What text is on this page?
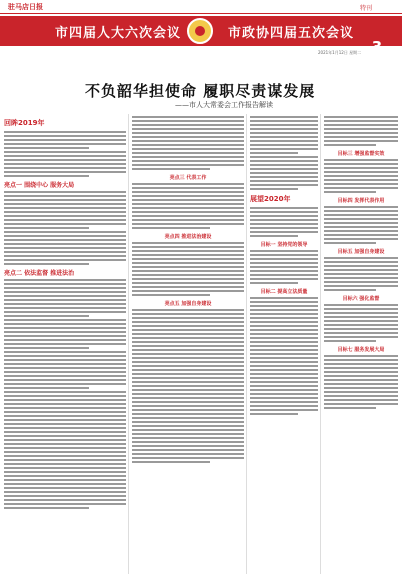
驻马店日报	特刊
市四届人大六次会议	市政协四届五次会议
3
2021年1月12日 星期二
不负韶华担使命 履职尽责谋发展
——市人大常委会工作报告解读
回眸2019年
亮点一 围绕中心 服务大局
亮点二 依法监督 推进法治
亮点三 代表工作
亮点四 推进法治建设
亮点五 加强自身建设
展望2020年
目标一 坚持党的领导
目标二 提高立法质量
目标三 增强监督实效
目标四 发挥代表作用
目标五 加强自身建设
目标六 强化监督
目标七 服务发展大局
